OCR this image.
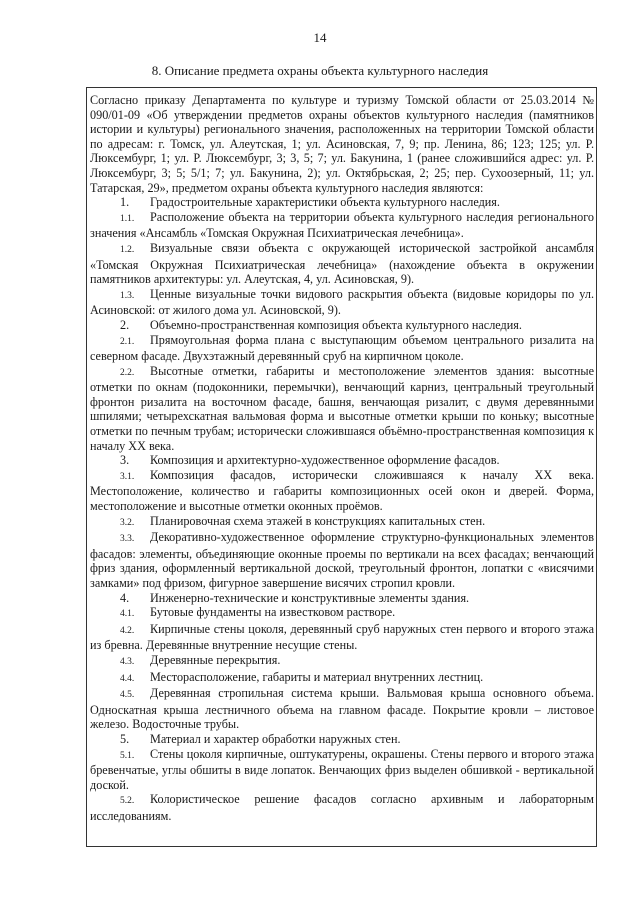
14
8. Описание предмета охраны объекта культурного наследия

Согласно приказу Департамента по культуре и туризму Томской области от 25.03.2014 № 090/01-09 «Об утверждении предметов охраны объектов культурного наследия (памятников истории и культуры) регионального значения, расположенных на территории Томской области по адресам: г. Томск, ул. Алеутская, 1; ул. Асиновская, 7, 9; пр. Ленина, 86; 123; 125; ул. Р. Люксембург, 1; ул. Р. Люксембург, 3; 3, 5; 7; ул. Бакунина, 1 (ранее сложившийся адрес: ул. Р. Люксембург, 3; 5; 5/1; 7; ул. Бакунина, 2); ул. Октябрьская, 2; 25; пер. Сухоозерный, 11; ул. Татарская, 29», предметом охраны объекта культурного наследия являются:

1. Градостроительные характеристики объекта культурного наследия.

1.1. Расположение объекта на территории объекта культурного наследия регионального значения «Ансамбль «Томская Окружная Психиатрическая лечебница».

1.2. Визуальные связи объекта с окружающей исторической застройкой ансамбля «Томская Окружная Психиатрическая лечебница» (нахождение объекта в окружении памятников архитектуры: ул. Алеутская, 4, ул. Асиновская, 9).

1.3. Ценные визуальные точки видового раскрытия объекта (видовые коридоры по ул. Асиновской: от жилого дома ул. Асиновской, 9).

2. Объемно-пространственная композиция объекта культурного наследия.

2.1. Прямоугольная форма плана с выступающим объемом центрального ризалита на северном фасаде. Двухэтажный деревянный сруб на кирпичном цоколе.

2.2. Высотные отметки, габариты и местоположение элементов здания: высотные отметки по окнам (подоконники, перемычки), венчающий карниз, центральный треугольный фронтон ризалита на восточном фасаде, башня, венчающая ризалит, с двумя деревянными шпилями; четырехскатная вальмовая форма и высотные отметки крыши по коньку; высотные отметки по печным трубам; исторически сложившаяся объёмно-пространственная композиция к началу XX века.

3. Композиция и архитектурно-художественное оформление фасадов.

3.1. Композиция фасадов, исторически сложившаяся к началу XX века. Местоположение, количество и габариты композиционных осей окон и дверей. Форма, местоположение и высотные отметки оконных проёмов.

3.2. Планировочная схема этажей в конструкциях капитальных стен.

3.3. Декоративно-художественное оформление структурно-функциональных элементов фасадов: элементы, объединяющие оконные проемы по вертикали на всех фасадах; венчающий фриз здания, оформленный вертикальной доской, треугольный фронтон, лопатки с «висячими замками» под фризом, фигурное завершение висячих стропил кровли.

4. Инженерно-технические и конструктивные элементы здания.

4.1. Бутовые фундаменты на известковом растворе.

4.2. Кирпичные стены цоколя, деревянный сруб наружных стен первого и второго этажа из бревна. Деревянные внутренние несущие стены.

4.3. Деревянные перекрытия.

4.4. Месторасположение, габариты и материал внутренних лестниц.

4.5. Деревянная стропильная система крыши. Вальмовая крыша основного объема. Односкатная крыша лестничного объема на главном фасаде. Покрытие кровли – листовое железо. Водосточные трубы.

5. Материал и характер обработки наружных стен.

5.1. Стены цоколя кирпичные, оштукатурены, окрашены. Стены первого и второго этажа бревенчатые, углы обшиты в виде лопаток. Венчающих фриз выделен обшивкой - вертикальной доской.

5.2. Колористическое решение фасадов согласно архивным и лабораторным исследованиям.
